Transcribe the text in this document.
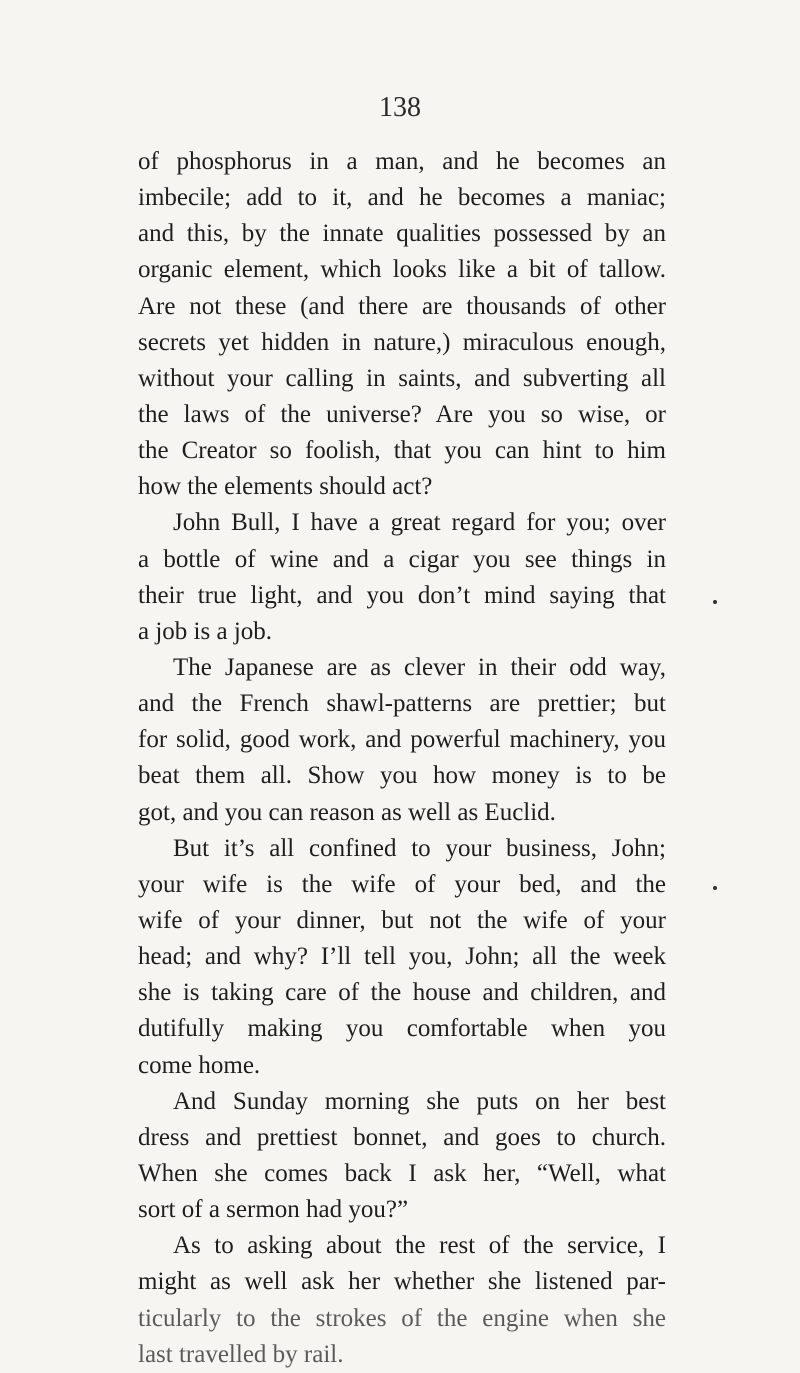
138
of phosphorus in a man, and he becomes an
imbecile; add to it, and he becomes a maniac;
and this, by the innate qualities possessed by an
organic element, which looks like a bit of tallow.
Are not these (and there are thousands of other
secrets yet hidden in nature,) miraculous enough,
without your calling in saints, and subverting all
the laws of the universe? Are you so wise, or
the Creator so foolish, that you can hint to him
how the elements should act?
John Bull, I have a great regard for you; over
a bottle of wine and a cigar you see things in
their true light, and you don’t mind saying that
a job is a job.
The Japanese are as clever in their odd way,
and the French shawl-patterns are prettier; but
for solid, good work, and powerful machinery, you
beat them all. Show you how money is to be
got, and you can reason as well as Euclid.
But it’s all confined to your business, John;
your wife is the wife of your bed, and the
wife of your dinner, but not the wife of your
head; and why? I’ll tell you, John; all the week
she is taking care of the house and children, and
dutifully making you comfortable when you
come home.
And Sunday morning she puts on her best
dress and prettiest bonnet, and goes to church.
When she comes back I ask her, “Well, what
sort of a sermon had you?”
As to asking about the rest of the service, I
might as well ask her whether she listened par-
ticularly to the strokes of the engine when she
last travelled by rail.
